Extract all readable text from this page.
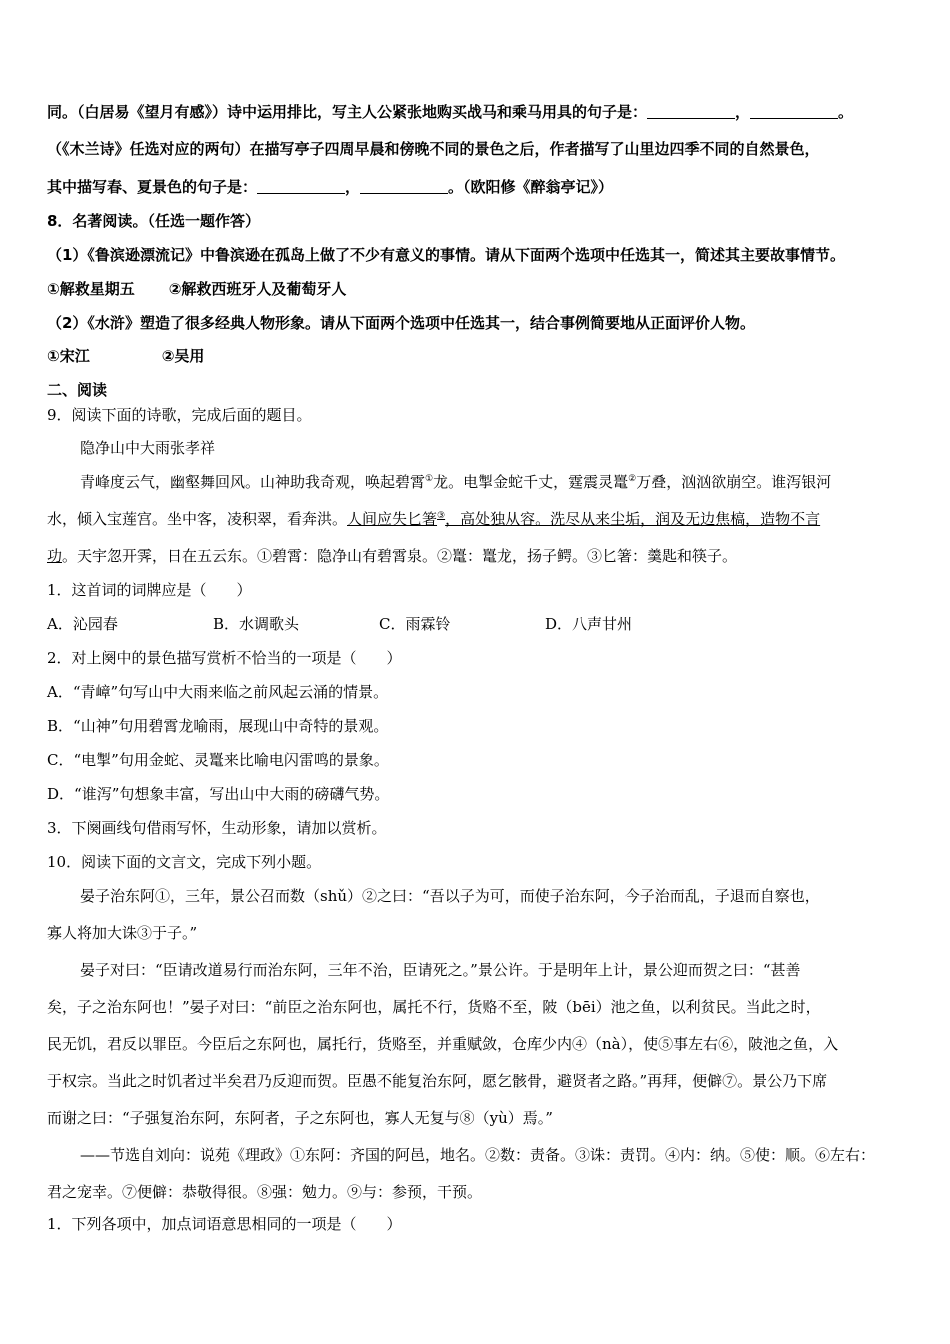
同。（白居易《望月有感》）诗中运用排比，写主人公紧张地购买战马和乘马用具的句子是：	，	。
（《木兰诗》任选对应的两句）在描写亭子四周早晨和傍晚不同的景色之后，作者描写了山里边四季不同的自然景色，
其中描写春、夏景色的句子是：	，	。（欧阳修《醉翁亭记》）
8．名著阅读。（任选一题作答）
（1）《鲁滨逊漂流记》中鲁滨逊在孤岛上做了不少有意义的事情。请从下面两个选项中任选其一，简述其主要故事情节。
①解救星期五 ②解救西班牙人及葡萄牙人
（2）《水浒》塑造了很多经典人物形象。请从下面两个选项中任选其一，结合事例简要地从正面评价人物。
①宋江	②吴用
二、阅读
9．阅读下面的诗歌，完成后面的题目。
隐净山中大雨张孝祥
青峰度云气，幽壑舞回风。山神助我奇观，唤起碧霄①龙。电掣金蛇千丈，霆震灵鼍②万叠，汹汹欲崩空。谁泻银河
水，倾入宝莲宫。坐中客，凌积翠，看奔洪。人间应失匕箸③，高处独从容。洗尽从来尘垢，润及无边焦槁，造物不言
功。天宇忽开霁，日在五云东。①碧霄：隐净山有碧霄泉。②鼍：鼍龙，扬子鳄。③匕箸：羹匙和筷子。
1．这首词的词牌应是（　　）
A．沁园春	B．水调歌头	C．雨霖铃	D．八声甘州
2．对上阕中的景色描写赏析不恰当的一项是（　　）
A．“青嶂”句写山中大雨来临之前风起云涌的情景。
B．“山神”句用碧霄龙喻雨，展现山中奇特的景观。
C．“电掣”句用金蛇、灵鼍来比喻电闪雷鸣的景象。
D．“谁泻”句想象丰富，写出山中大雨的磅礴气势。
3．下阕画线句借雨写怀，生动形象，请加以赏析。
10．阅读下面的文言文，完成下列小题。
晏子治东阿①，三年，景公召而数（shǔ）②之曰：“吾以子为可，而使子治东阿，今子治而乱，子退而自察也，
寡人将加大诛③于子。”
晏子对曰：“臣请改道易行而治东阿，三年不治，臣请死之。”景公许。于是明年上计，景公迎而贺之曰：“甚善
矣，子之治东阿也！”晏子对曰：“前臣之治东阿也，属托不行，货赂不至，陂（bēi）池之鱼，以利贫民。当此之时，
民无饥，君反以罪臣。今臣后之东阿也，属托行，货赂至，并重赋敛，仓库少内④（nà），使⑤事左右⑥，陂池之鱼，入
于权宗。当此之时饥者过半矣君乃反迎而贺。臣愚不能复治东阿，愿乞骸骨，避贤者之路。”再拜，便僻⑦。景公乃下席
而谢之曰：“子强复治东阿，东阿者，子之东阿也，寡人无复与⑧（yù）焉。”
——节选自刘向：说苑《理政》①东阿：齐国的阿邑，地名。②数：责备。③诛：责罚。④内：纳。⑤使：顺。⑥左右：
君之宠幸。⑦便僻：恭敬得很。⑧强：勉力。⑨与：参预，干预。
1．下列各项中，加点词语意思相同的一项是（　　）
